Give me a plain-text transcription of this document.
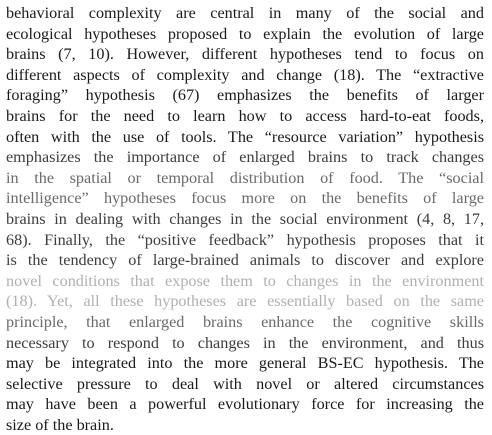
behavioral complexity are central in many of the social and
ecological hypotheses proposed to explain the evolution of large
brains (7, 10). However, different hypotheses tend to focus on
different aspects of complexity and change (18). The “extractive
foraging” hypothesis (67) emphasizes the benefits of larger
brains for the need to learn how to access hard-to-eat foods,
often with the use of tools. The “resource variation” hypothesis
emphasizes the importance of enlarged brains to track changes
in the spatial or temporal distribution of food. The “social
intelligence” hypotheses focus more on the benefits of large
brains in dealing with changes in the social environment (4, 8, 17,
68). Finally, the “positive feedback” hypothesis proposes that it
is the tendency of large-brained animals to discover and explore
novel conditions that expose them to changes in the environment
(18). Yet, all these hypotheses are essentially based on the same
principle, that enlarged brains enhance the cognitive skills
necessary to respond to changes in the environment, and thus
may be integrated into the more general BS-EC hypothesis. The
selective pressure to deal with novel or altered circumstances
may have been a powerful evolutionary force for increasing the
size of the brain.
